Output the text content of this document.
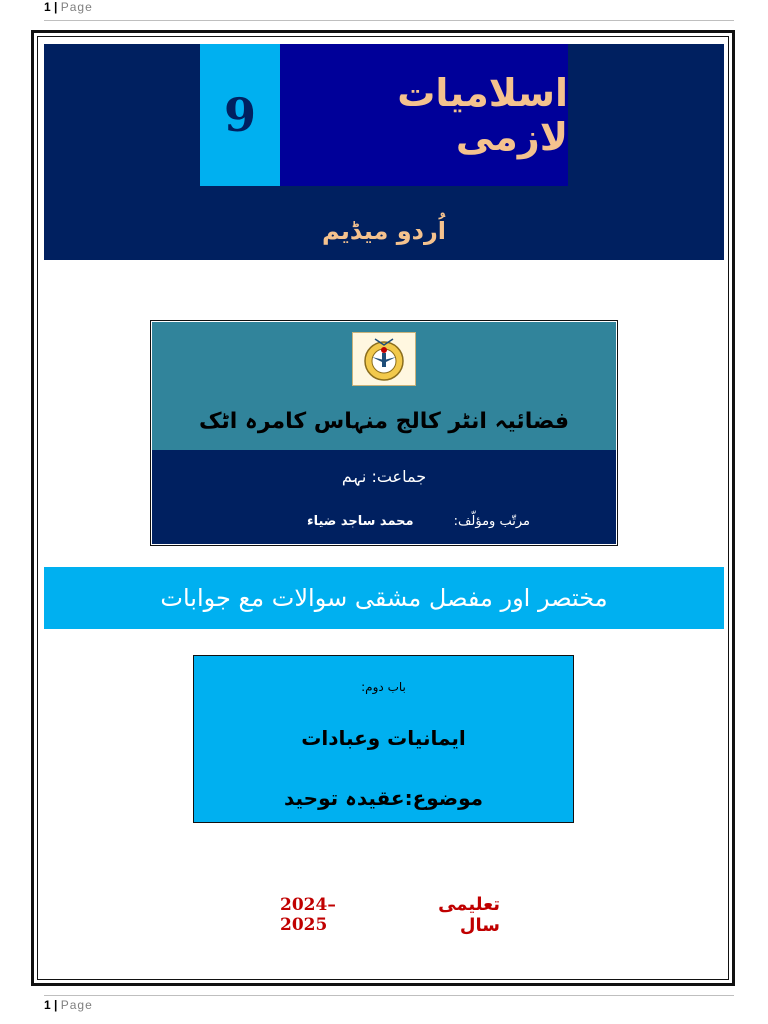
1 | Page
9	اسلامیات لازمی
اُردو میڈیم
فضائیہ انٹر کالج منہاس کامرہ اٹک
جماعت: نہم
مرتّب ومؤلّف:
محمد ساجد ضیاء
مختصر اور مفصل مشقی سوالات مع جوابات
باب دوم:
ایمانیات وعبادات
موضوع:عقیدہ توحید
2024–2025
تعلیمی سال
1 | Page
